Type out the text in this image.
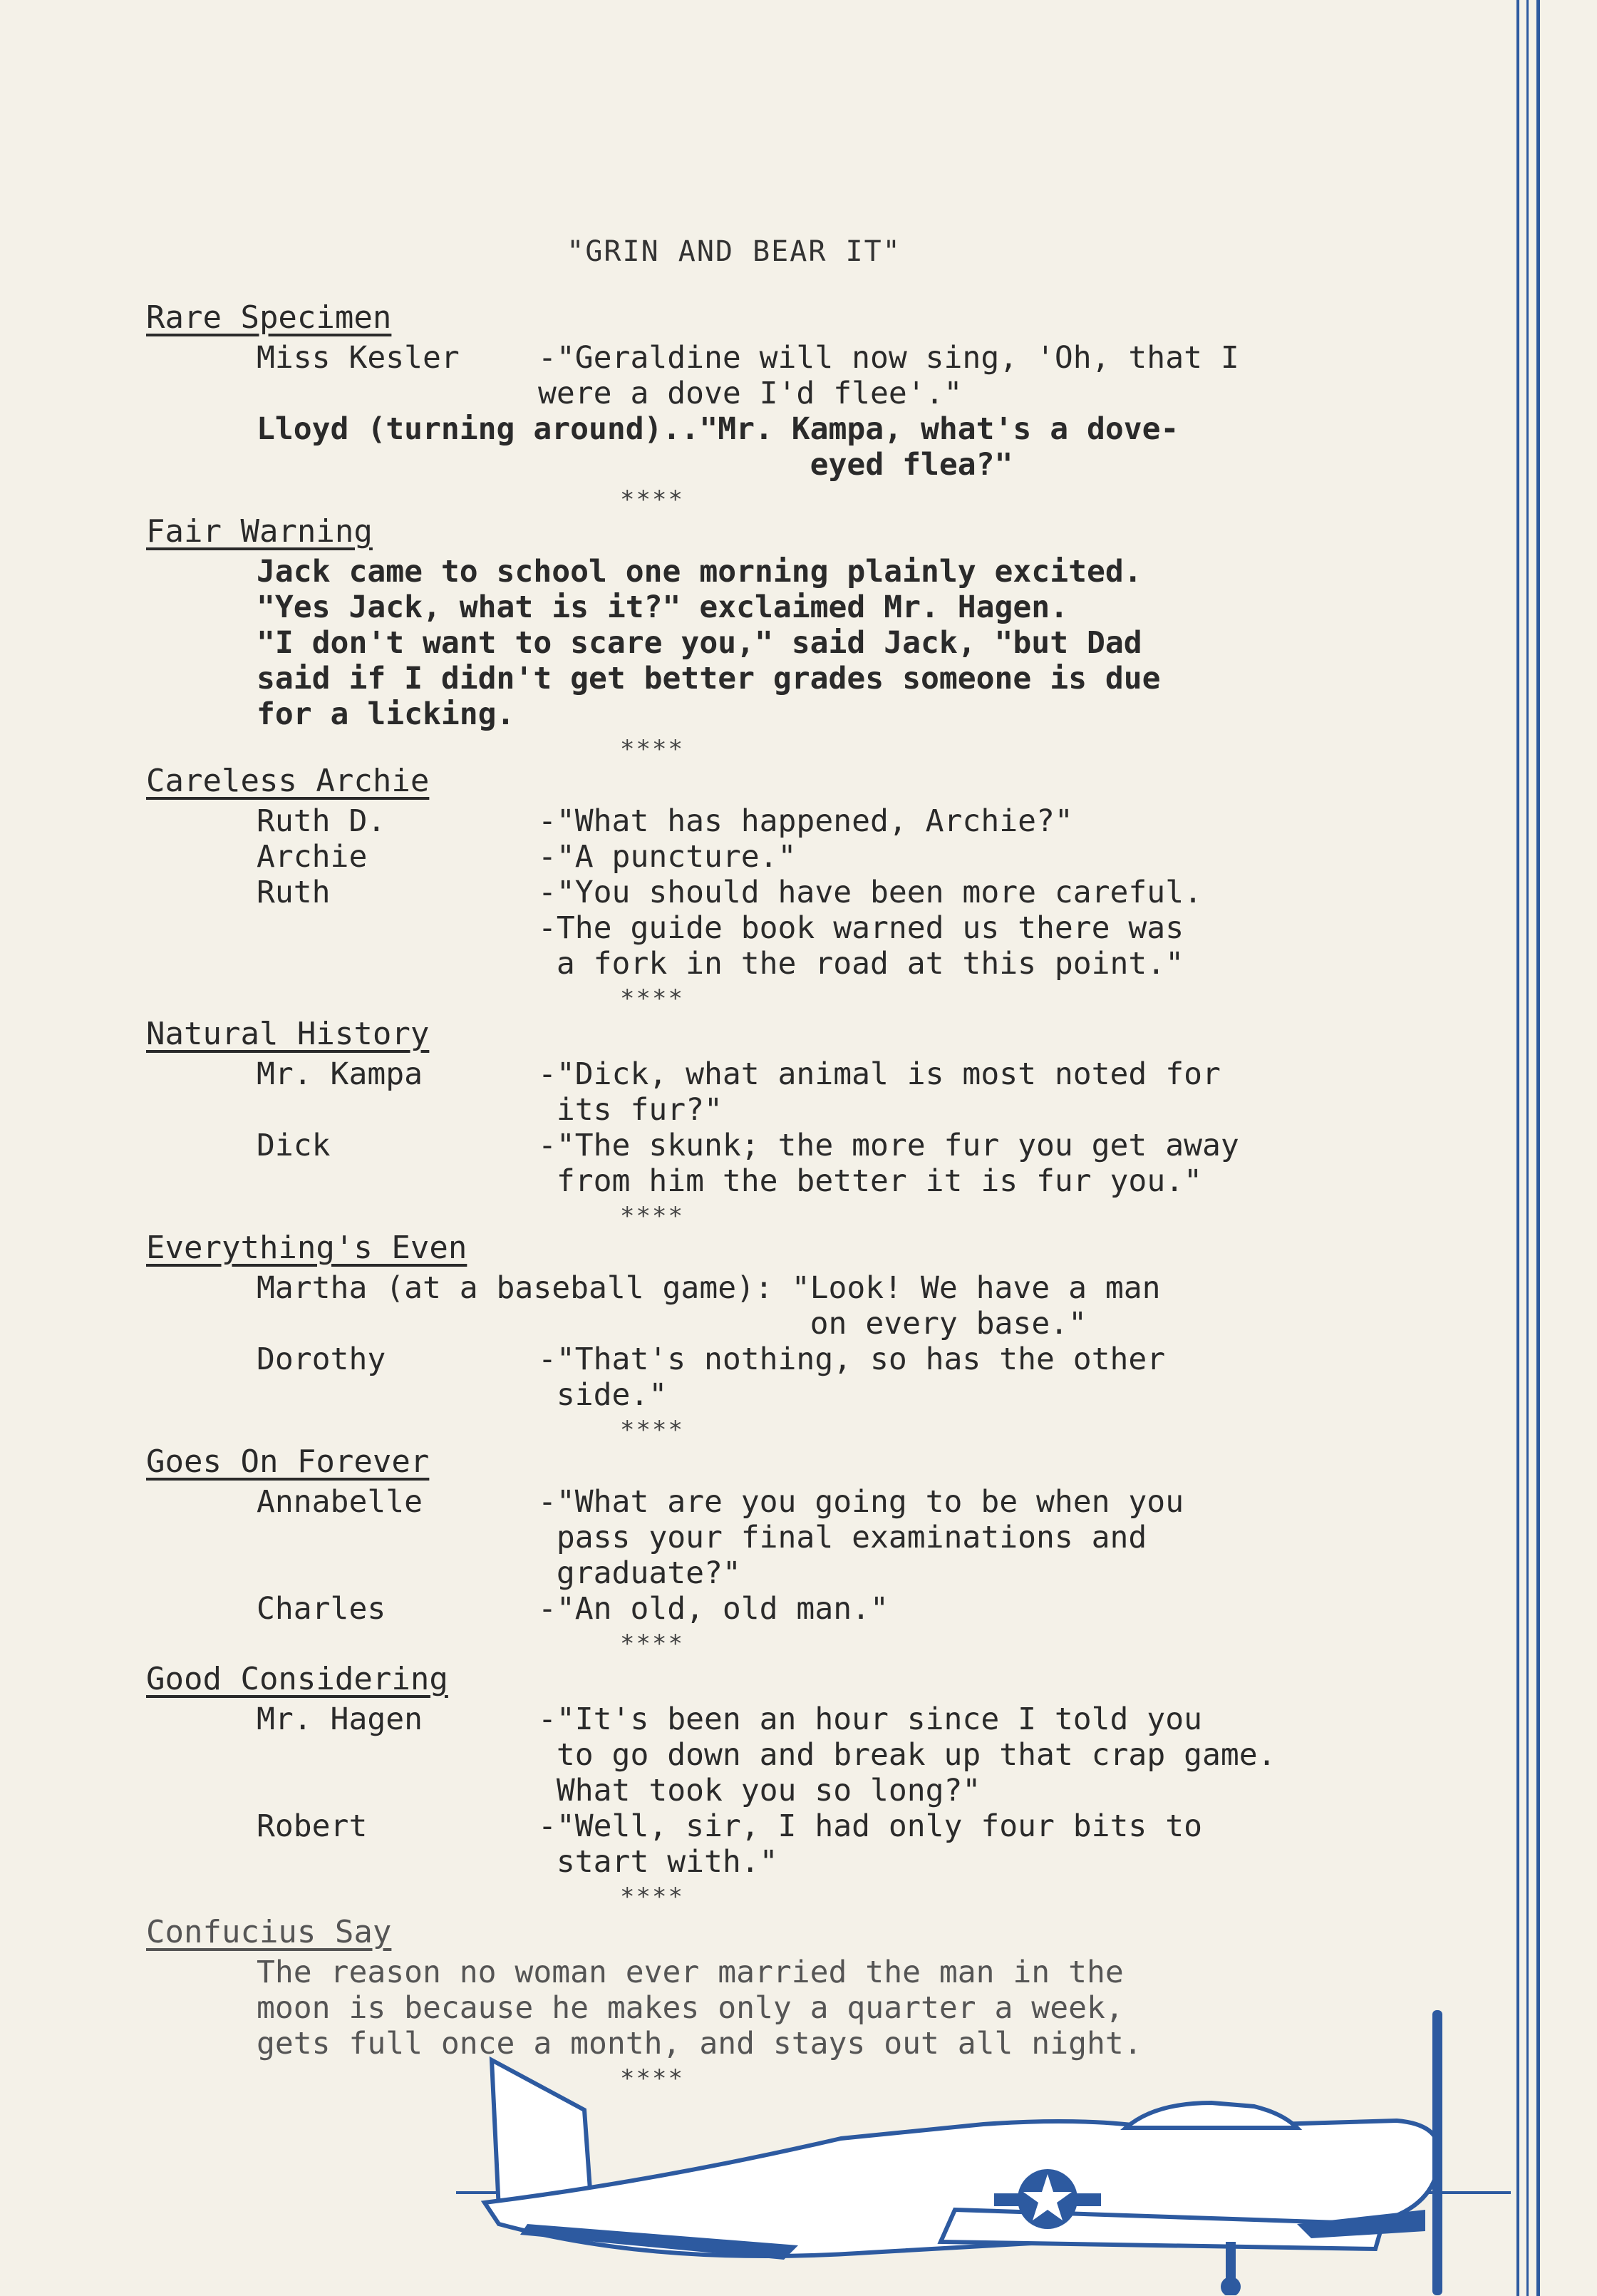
"GRIN AND BEAR IT"
Rare Specimen
Miss Kesler	-"Geraldine will now sing, 'Oh, that I
were a dove I'd flee'."
Lloyd (turning around).."Mr. Kampa, what's a dove-
eyed flea?"
****
Fair Warning
Jack came to school one morning plainly excited.
"Yes Jack, what is it?" exclaimed Mr. Hagen.
"I don't want to scare you," said Jack, "but Dad
said if I didn't get better grades someone is due
for a licking.
****
Careless Archie
Ruth D.	-"What has happened, Archie?"
Archie	-"A puncture."
Ruth	-"You should have been more careful.
-The guide book warned us there was
a fork in the road at this point."
****
Natural History
Mr. Kampa	-"Dick, what animal is most noted for
its fur?"
Dick	-"The skunk; the more fur you get away
from him the better it is fur you."
****
Everything's Even
Martha (at a baseball game): "Look! We have a man
on every base."
Dorothy	-"That's nothing, so has the other
side."
****
Goes On Forever
Annabelle	-"What are you going to be when you
pass your final examinations and
graduate?"
Charles	-"An old, old man."
****
Good Considering
Mr. Hagen	-"It's been an hour since I told you
to go down and break up that crap game.
What took you so long?"
Robert	-"Well, sir, I had only four bits to
start with."
****
Confucius Say
The reason no woman ever married the man in the
moon is because he makes only a quarter a week,
gets full once a month, and stays out all night.
****
